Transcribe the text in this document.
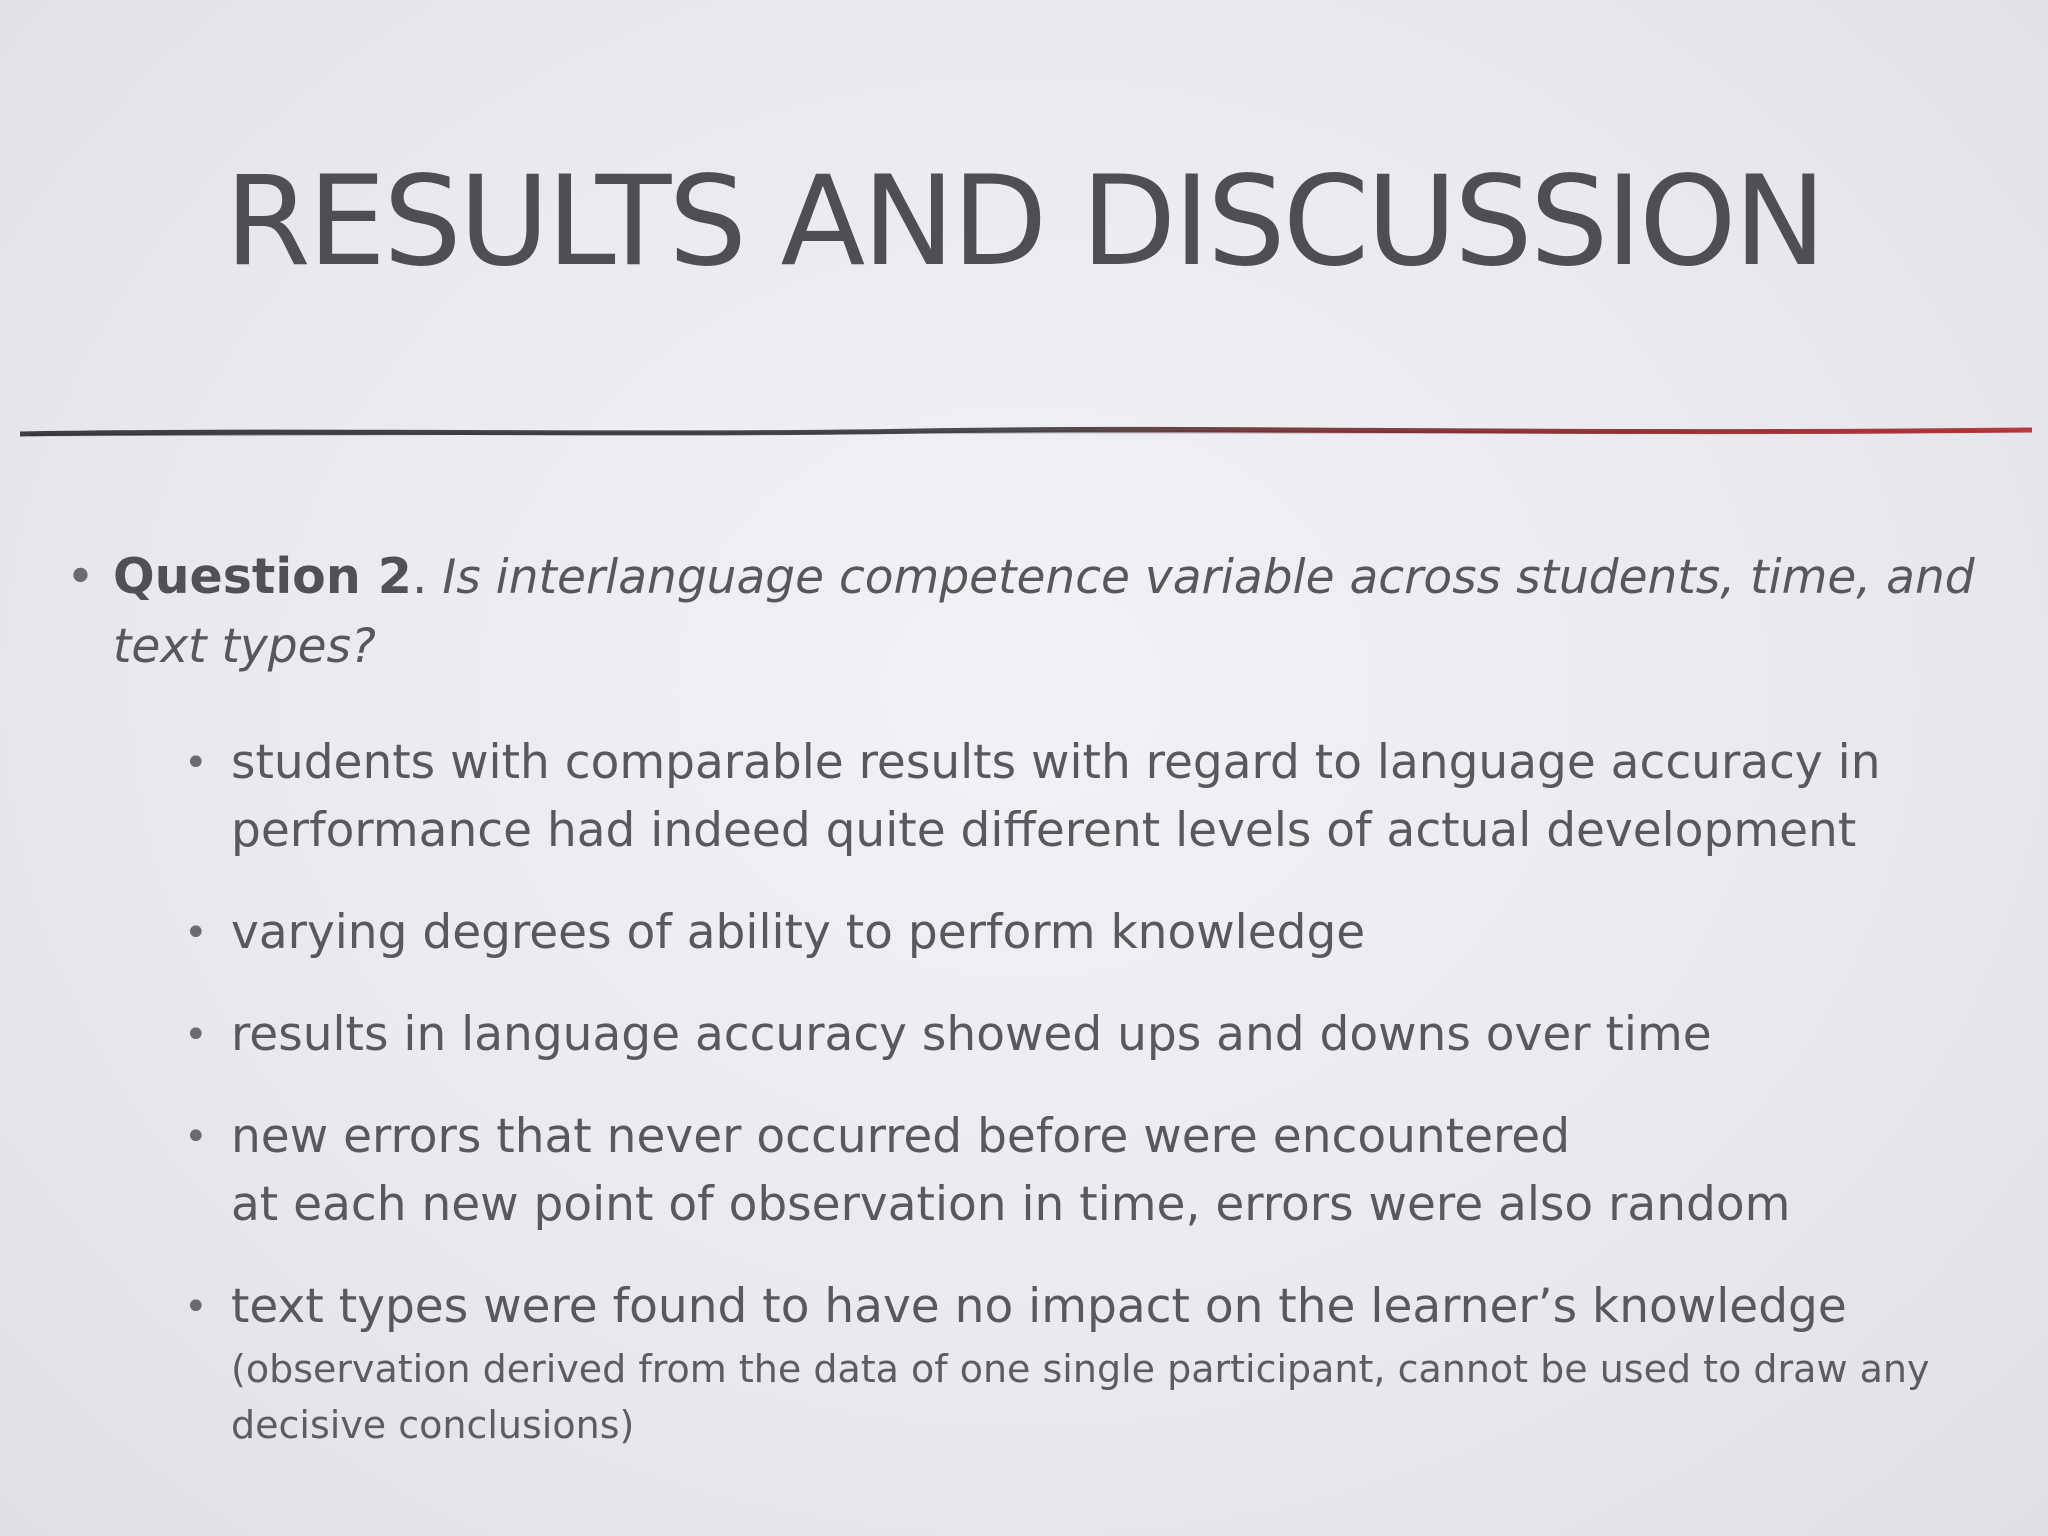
RESULTS AND DISCUSSION
• Question 2. Is interlanguage competence variable across students, time, and text types?
• students with comparable results with regard to language accuracy in
performance had indeed quite different levels of actual development
• varying degrees of ability to perform knowledge
• results in language accuracy showed ups and downs over time
• new errors that never occurred before were encountered
at each new point of observation in time, errors were also random
• text types were found to have no impact on the learner’s knowledge
(observation derived from the data of one single participant, cannot be used to draw any decisive conclusions)
